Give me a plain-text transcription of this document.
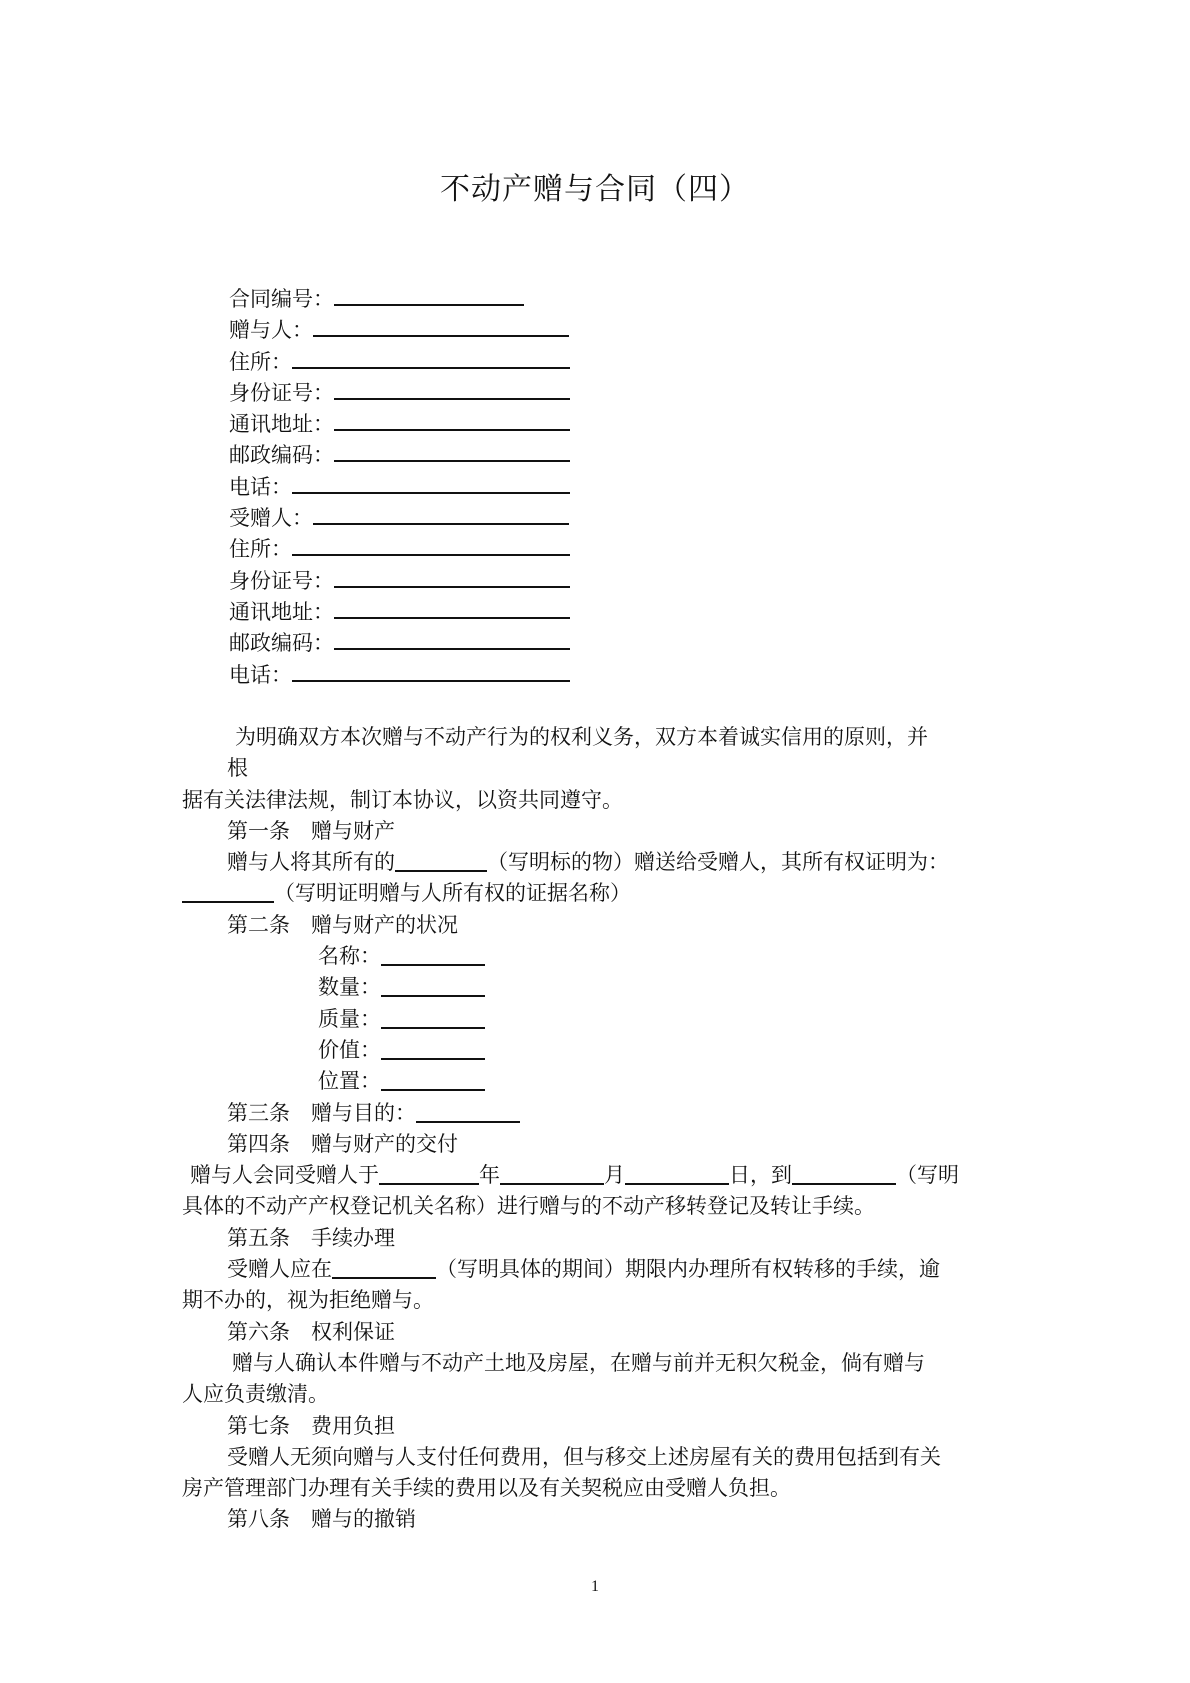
不动产赠与合同（四）
合同编号：
赠与人：
住所：
身份证号：
通讯地址：
邮政编码：
电话：
受赠人：
住所：
身份证号：
通讯地址：
邮政编码：
电话：
为明确双方本次赠与不动产行为的权利义务，双方本着诚实信用的原则，并
根
据有关法律法规，制订本协议，以资共同遵守。
第一条　赠与财产
赠与人将其所有的	（写明标的物）赠送给受赠人，其所有权证明为：
（写明证明赠与人所有权的证据名称）
第二条　赠与财产的状况
名称：
数量：
质量：
价值：
位置：
第三条　赠与目的：
第四条　赠与财产的交付
赠与人会同受赠人于	年	月	日，到	（写明
具体的不动产产权登记机关名称）进行赠与的不动产移转登记及转让手续。
第五条　手续办理
受赠人应在	（写明具体的期间）期限内办理所有权转移的手续，逾
期不办的，视为拒绝赠与。
第六条　权利保证
赠与人确认本件赠与不动产土地及房屋，在赠与前并无积欠税金，倘有赠与
人应负责缴清。
第七条　费用负担
受赠人无须向赠与人支付任何费用，但与移交上述房屋有关的费用包括到有关
房产管理部门办理有关手续的费用以及有关契税应由受赠人负担。
第八条　赠与的撤销
1
